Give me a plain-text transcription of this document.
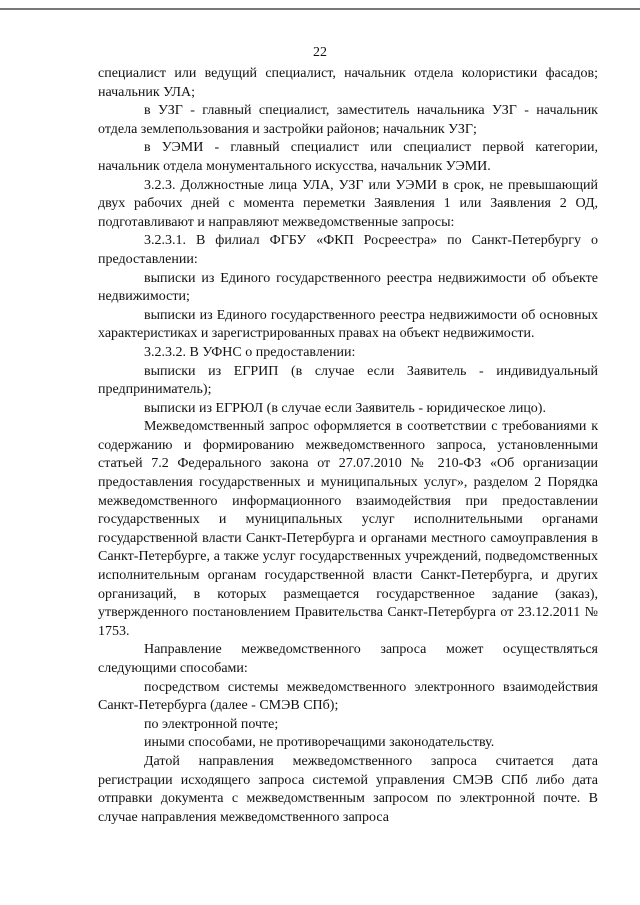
22

специалист или ведущий специалист, начальник отдела колористики фасадов; начальник УЛА;

в УЗГ - главный специалист, заместитель начальника УЗГ - начальник отдела землепользования и застройки районов; начальник УЗГ;

в УЭМИ - главный специалист или специалист первой категории, начальник отдела монументального искусства, начальник УЭМИ.

3.2.3. Должностные лица УЛА, УЗГ или УЭМИ в срок, не превышающий двух рабочих дней с момента переметки Заявления 1 или Заявления 2 ОД, подготавливают и направляют межведомственные запросы:

3.2.3.1. В филиал ФГБУ «ФКП Росреестра» по Санкт-Петербургу о предоставлении:

выписки из Единого государственного реестра недвижимости об объекте недвижимости;

выписки из Единого государственного реестра недвижимости об основных характеристиках и зарегистрированных правах на объект недвижимости.

3.2.3.2. В УФНС о предоставлении:

выписки из ЕГРИП (в случае если Заявитель - индивидуальный предприниматель);

выписки из ЕГРЮЛ (в случае если Заявитель - юридическое лицо).

Межведомственный запрос оформляется в соответствии с требованиями к содержанию и формированию межведомственного запроса, установленными статьей 7.2 Федерального закона от 27.07.2010 № 210-ФЗ «Об организации предоставления государственных и муниципальных услуг», разделом 2 Порядка межведомственного информационного взаимодействия при предоставлении государственных и муниципальных услуг исполнительными органами государственной власти Санкт-Петербурга и органами местного самоуправления в Санкт-Петербурге, а также услуг государственных учреждений, подведомственных исполнительным органам государственной власти Санкт-Петербурга, и других организаций, в которых размещается государственное задание (заказ), утвержденного постановлением Правительства Санкт-Петербурга от 23.12.2011 № 1753.

Направление межведомственного запроса может осуществляться следующими способами:

посредством системы межведомственного электронного взаимодействия Санкт-Петербурга (далее - СМЭВ СПб);

по электронной почте;

иными способами, не противоречащими законодательству.

Датой направления межведомственного запроса считается дата регистрации исходящего запроса системой управления СМЭВ СПб либо дата отправки документа с межведомственным запросом по электронной почте. В случае направления межведомственного запроса
